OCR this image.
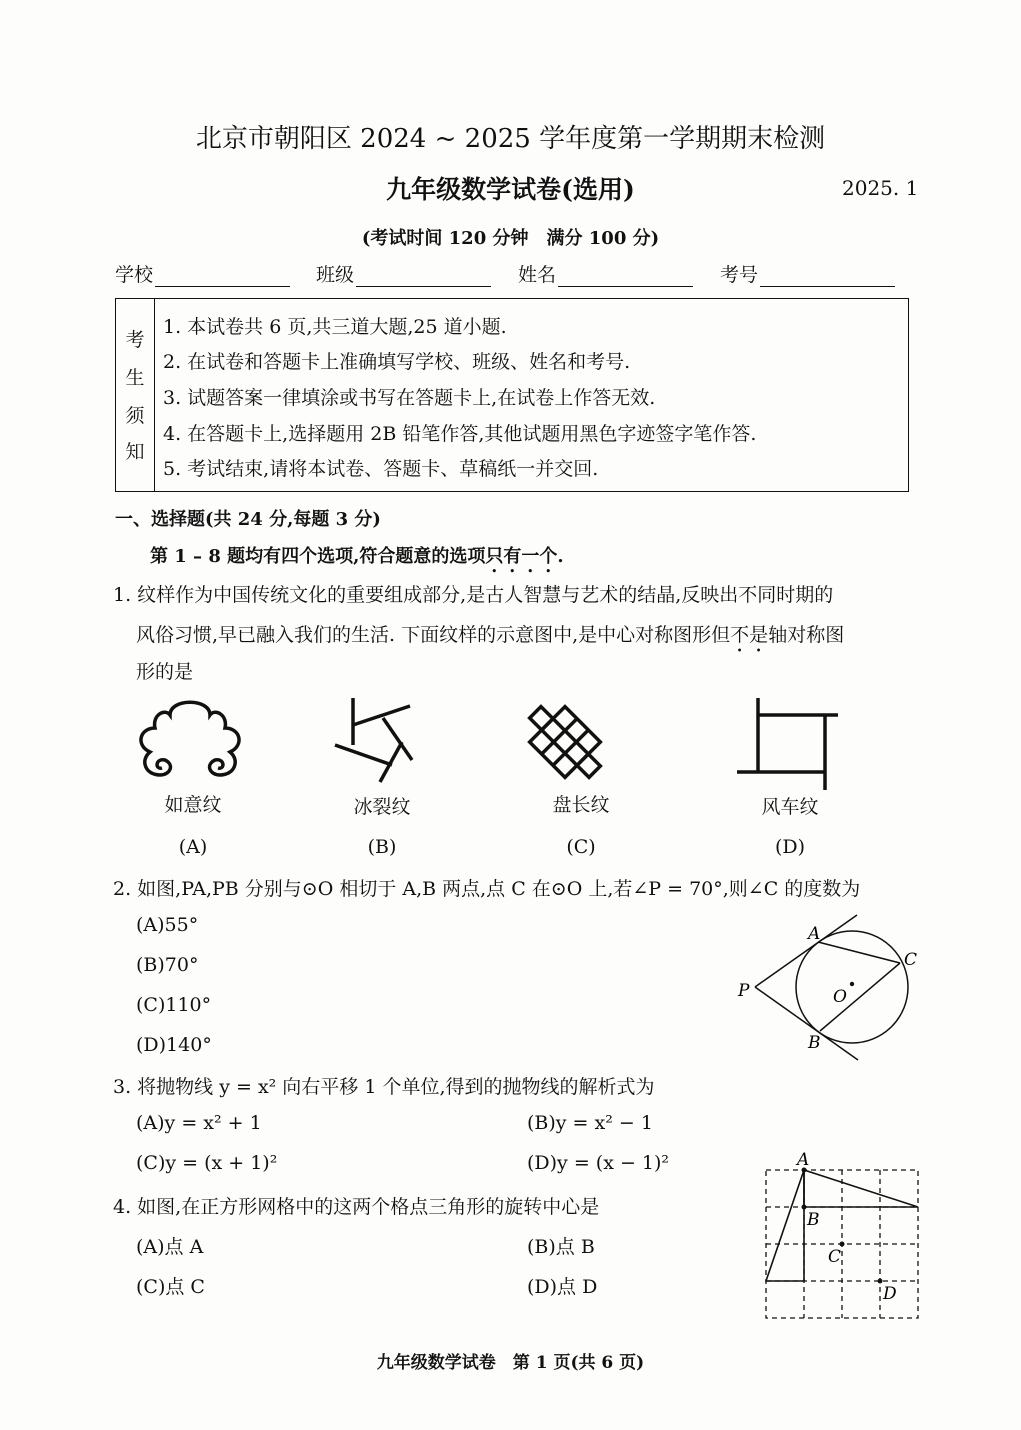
北京市朝阳区 2024 ~ 2025 学年度第一学期期末检测
九年级数学试卷(选用)	2025. 1
(考试时间 120 分钟　满分 100 分)
学校	班级	姓名	考号
考
生
须
知
1. 本试卷共 6 页,共三道大题,25 道小题.
2. 在试卷和答题卡上准确填写学校、班级、姓名和考号.
3. 试题答案一律填涂或书写在答题卡上,在试卷上作答无效.
4. 在答题卡上,选择题用 2B 铅笔作答,其他试题用黑色字迹签字笔作答.
5. 考试结束,请将本试卷、答题卡、草稿纸一并交回.
一、选择题(共 24 分,每题 3 分)
第 1 – 8 题均有四个选项,符合题意的选项只有一个.
1. 纹样作为中国传统文化的重要组成部分,是古人智慧与艺术的结晶,反映出不同时期的
风俗习惯,早已融入我们的生活. 下面纹样的示意图中,是中心对称图形但不是轴对称图
形的是
如意纹	冰裂纹	盘长纹	风车纹
(A)	(B)	(C)	(D)
2. 如图,PA,PB 分别与⊙O 相切于 A,B 两点,点 C 在⊙O 上,若∠P = 70°,则∠C 的度数为
(A)55°
(B)70°
(C)110°
(D)140°
A
C
P	O
B
3. 将抛物线 y = x² 向右平移 1 个单位,得到的抛物线的解析式为
(A)y = x² + 1	(B)y = x² − 1
(C)y = (x + 1)²	(D)y = (x − 1)²
4. 如图,在正方形网格中的这两个格点三角形的旋转中心是
(A)点 A	(B)点 B
(C)点 C	(D)点 D
A
B
C
D
九年级数学试卷　第 1 页(共 6 页)
